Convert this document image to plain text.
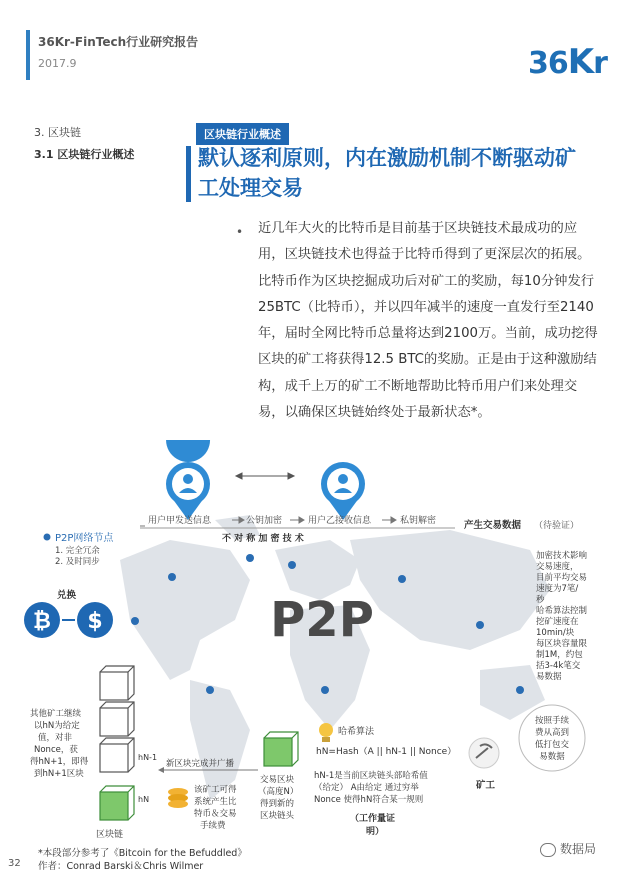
36Kr-FinTech行业研究报告
2017.9	36Kr
3. 区块链
3.1 区块链行业概述
区块链行业概述
默认逐利原则，内在激励机制不断驱动矿工处理交易
• 近几年大火的比特币是目前基于区块链技术最成功的应用，区块链技术也得益于比特币得到了更深层次的拓展。比特币作为区块挖掘成功后对矿工的奖励，每10分钟发行25BTC（比特币），并以四年减半的速度一直发行至2140年，届时全网比特币总量将达到2100万。当前，成功挖得区块的矿工将获得12.5 BTC的奖励。正是由于这种激励结构，成千上万的矿工不断地帮助比特币用户们来处理交易，以确保区块链始终处于最新状态*。
用户甲发送信息	公钥加密	用户乙接收信息	私钥解密
不 对 称 加 密 技 术
产生交易数据 （待验证）
P2P网络节点
1. 完全冗余
2. 及时同步
兑换
₿ $	P2P
加密技术影响
交易速度，
目前平均交易
速度为7笔/
秒
哈希算法控制
挖矿速度在
10min/块
每区块容量限
制1M，约包
括3-4k笔交
易数据
按照手续
费从高到
低打包交
易数据
hN-1
hN
区块链
其他矿工继续
以hN为给定
值，对非
Nonce，获
得hN+1，即得
到hN+1区块
新区块完成并广播
该矿工可得
系统产生比
特币＆交易
手续费
交易区块
（高度N）
得到新的
区块链头
哈希算法
hN=Hash（A || hN-1 || Nonce）
hN-1是当前区块链头部哈希值
（给定） A由给定 通过穷举
Nonce 使得hN符合某一规则
（工作量证
明）
矿工
*本段部分参考了《Bitcoin for the Befuddled》
作者：Conrad Barski＆Chris Wilmer
32
数据局
